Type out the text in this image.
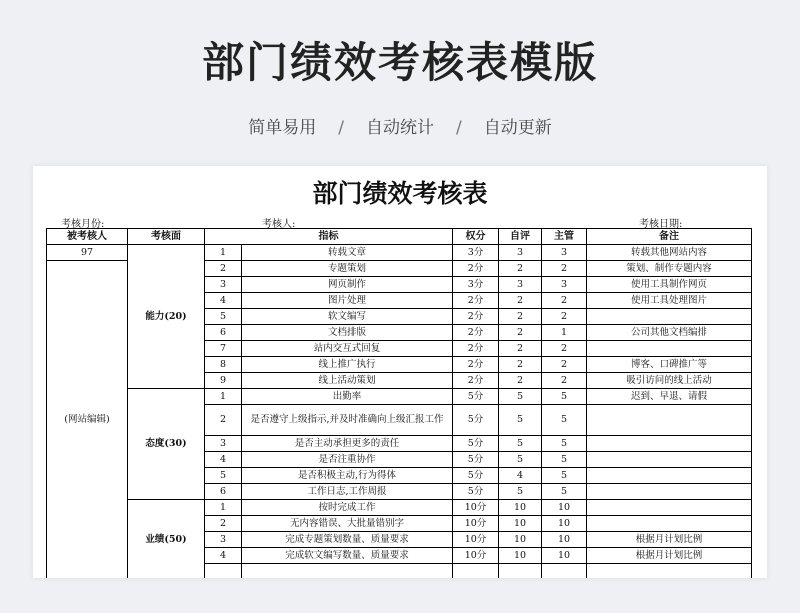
部门绩效考核表模版
简单易用 / 自动统计 / 自动更新
部门绩效考核表
考核月份:	考核人:	考核日期:
被考核人	考核面	指标		权分	自评	主管	备注
97	能力(20)	1	转载文章	3分	3	3	转载其他网站内容
(网站编辑)		2	专题策划	2分	2	2	策划、制作专题内容
		3	网页制作	3分	3	3	使用工具制作网页
		4	图片处理	2分	2	2	使用工具处理图片
		5	软文编写	2分	2	2	
		6	文档排版	2分	2	1	公司其他文档编排
		7	站内交互式回复	2分	2	2	
		8	线上推广执行	2分	2	2	博客、口碑推广等
		9	线上活动策划	2分	2	2	吸引访问的线上活动
	态度(30)	1	出勤率	5分	5	5	迟到、早退、请假
		2	是否遵守上级指示,并及时准确向上级汇报工作	5分	5	5	
		3	是否主动承担更多的责任	5分	5	5	
		4	是否注重协作	5分	5	5	
		5	是否积极主动,行为得体	5分	4	5	
		6	工作日志,工作周报	5分	5	5	
	业绩(50)	1	按时完成工作	10分	10	10	
		2	无内容错误、大批量错别字	10分	10	10	
		3	完成专题策划数量、质量要求	10分	10	10	根据月计划比例
		4	完成软文编写数量、质量要求	10分	10	10	根据月计划比例
